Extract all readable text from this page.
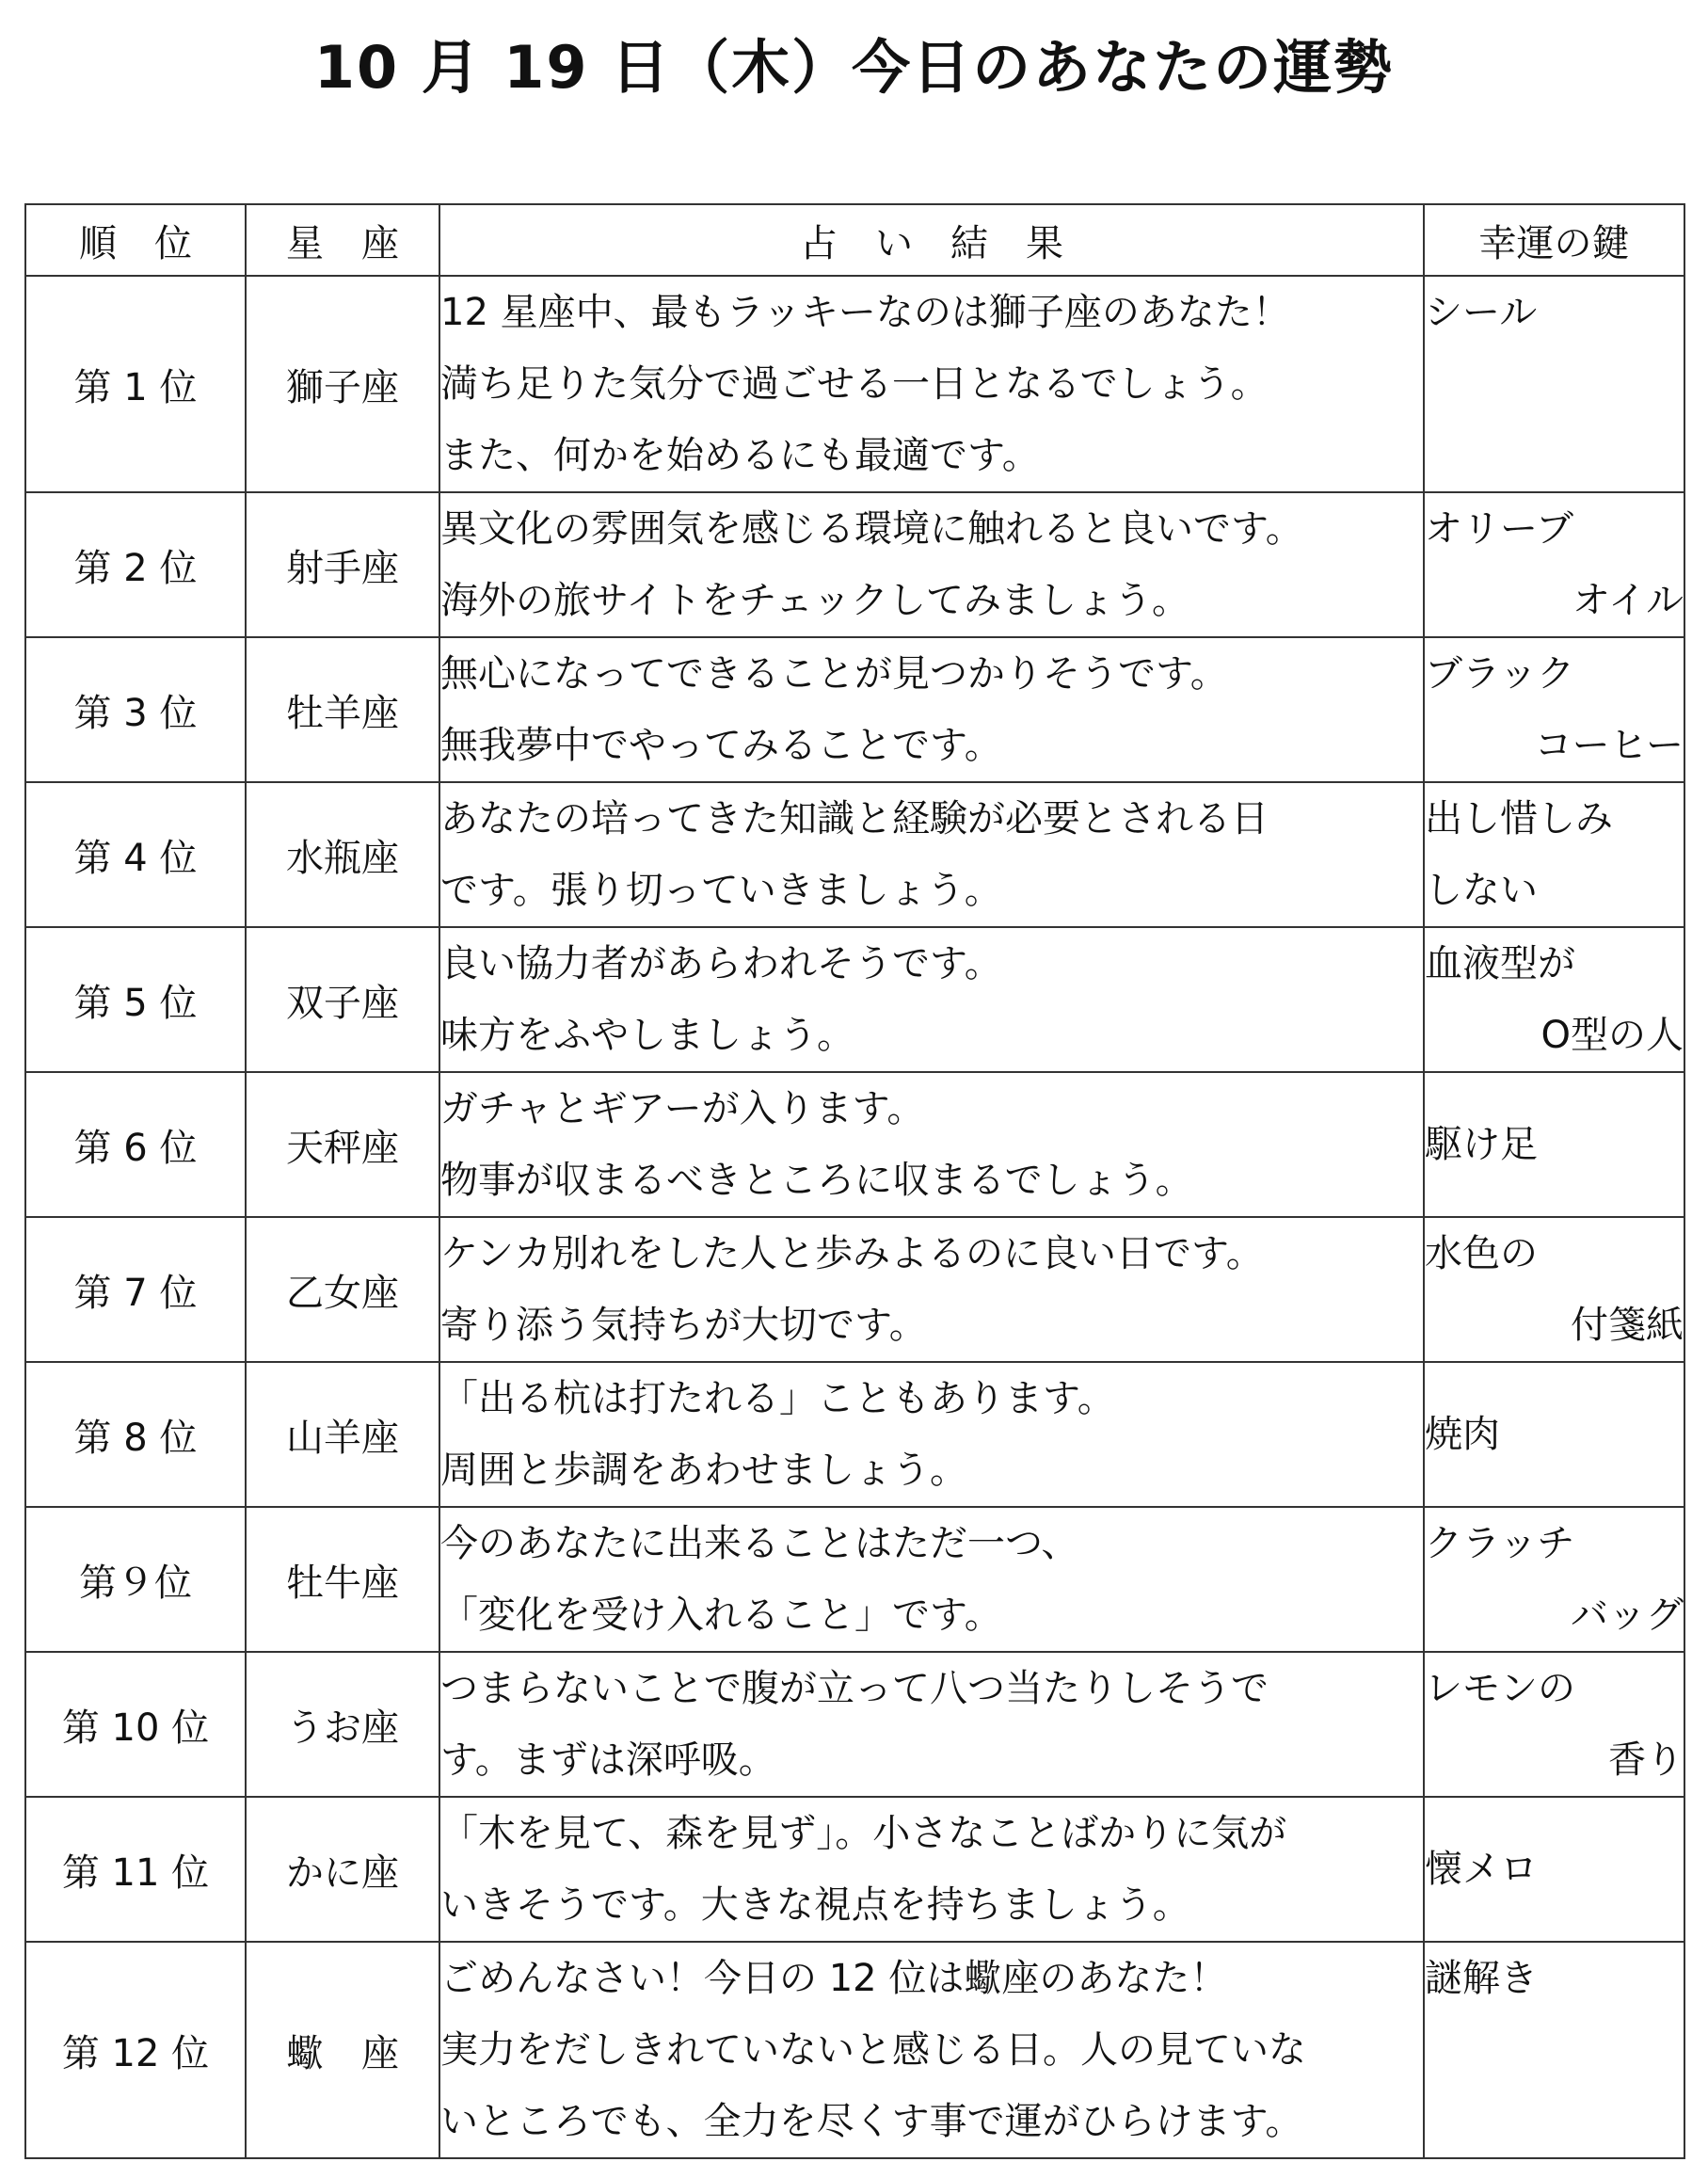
10 月 19 日（木）今日のあなたの運勢
順　位	星　座	占　い　結　果	幸運の鍵
第 1 位	獅子座	12 星座中、最もラッキーなのは獅子座のあなた！
満ち足りた気分で過ごせる一日となるでしょう。
また、何かを始めるにも最適です。	シール

第 2 位	射手座	異文化の雰囲気を感じる環境に触れると良いです。
海外の旅サイトをチェックしてみましょう。	オリーブ
オイル

第 3 位	牡羊座	無心になってできることが見つかりそうです。
無我夢中でやってみることです。	ブラック
コーヒー

第 4 位	水瓶座	あなたの培ってきた知識と経験が必要とされる日
です。張り切っていきましょう。	出し惜しみ
しない

第 5 位	双子座	良い協力者があらわれそうです。
味方をふやしましょう。	血液型が
O型の人

第 6 位	天秤座	ガチャとギアーが入ります。
物事が収まるべきところに収まるでしょう。	駆け足

第 7 位	乙女座	ケンカ別れをした人と歩みよるのに良い日です。
寄り添う気持ちが大切です。	水色の
付箋紙

第 8 位	山羊座	「出る杭は打たれる」こともあります。
周囲と歩調をあわせましょう。	焼肉

第９位	牡牛座	今のあなたに出来ることはただ一つ、
「変化を受け入れること」です。	クラッチ
バッグ

第 10 位	うお座	つまらないことで腹が立って八つ当たりしそうで
す。まずは深呼吸。	レモンの
香り

第 11 位	かに座	「木を見て、森を見ず」。小さなことばかりに気が
いきそうです。大きな視点を持ちましょう。	懐メロ

第 12 位	蠍　座	ごめんなさい！今日の 12 位は蠍座のあなた！
実力をだしきれていないと感じる日。人の見ていな
いところでも、全力を尽くす事で運がひらけます。	謎解き
